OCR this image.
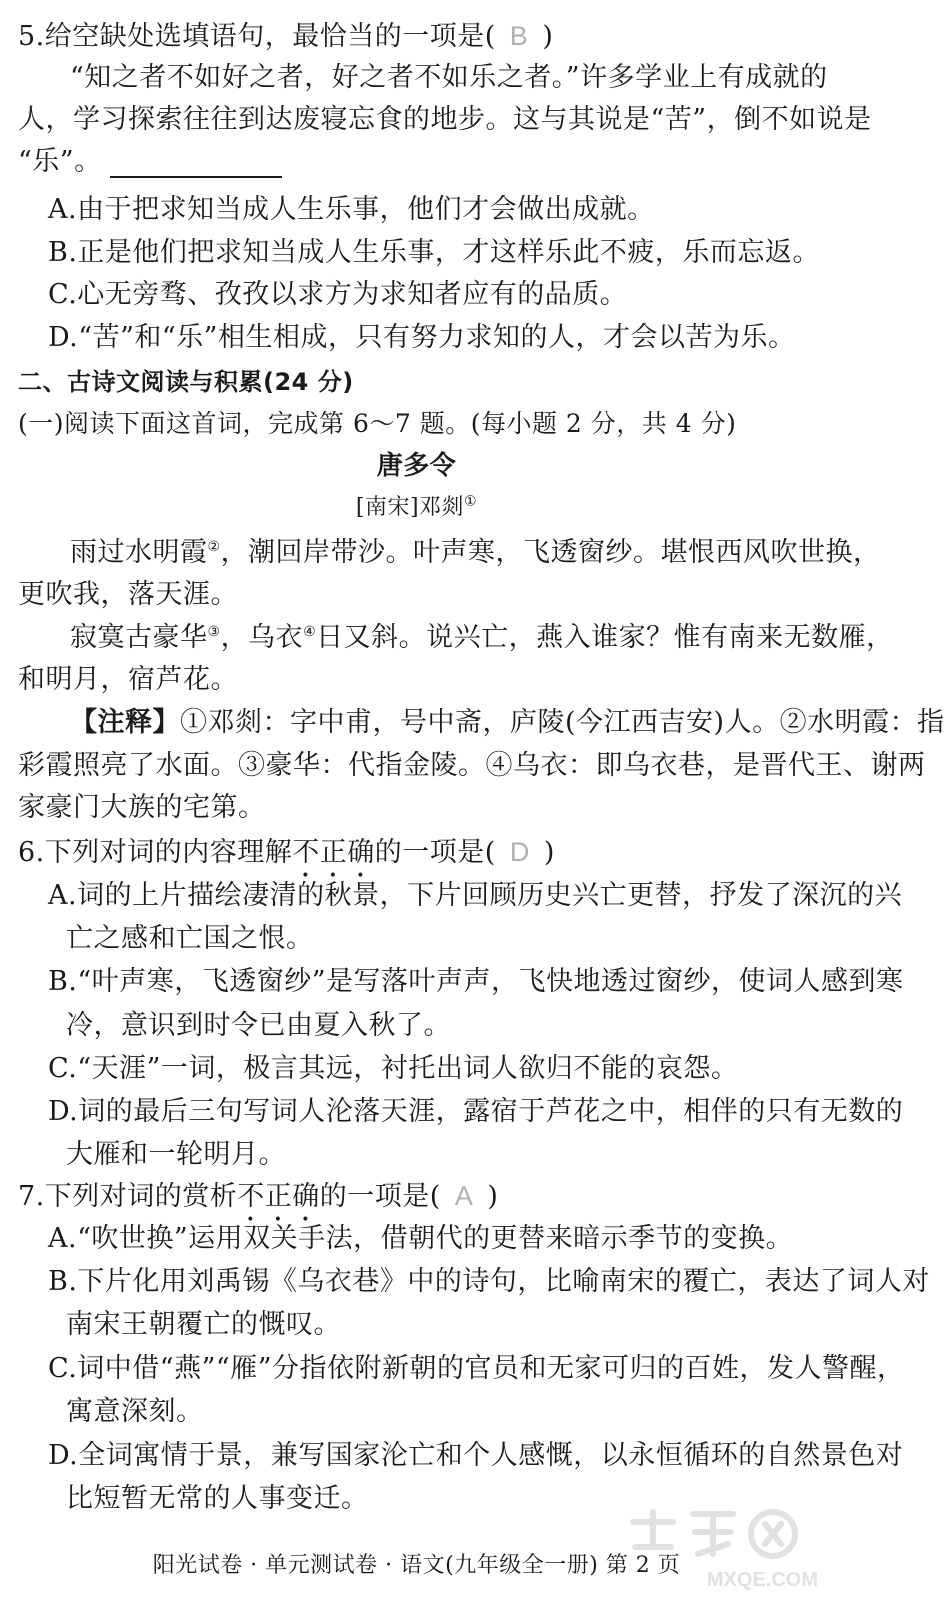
5.给空缺处选填语句，最恰当的一项是( B )
“知之者不如好之者，好之者不如乐之者。”许多学业上有成就的
人，学习探索往往到达废寝忘食的地步。这与其说是“苦”，倒不如说是
“乐”。
A.由于把求知当成人生乐事，他们才会做出成就。
B.正是他们把求知当成人生乐事，才这样乐此不疲，乐而忘返。
C.心无旁骛、孜孜以求方为求知者应有的品质。
D.“苦”和“乐”相生相成，只有努力求知的人，才会以苦为乐。
二、古诗文阅读与积累(24 分)
(一)阅读下面这首词，完成第 6～7 题。(每小题 2 分，共 4 分)
唐多令
[南宋]邓剡①
雨过水明霞②，潮回岸带沙。叶声寒，飞透窗纱。堪恨西风吹世换，
更吹我，落天涯。
寂寞古豪华③，乌衣④日又斜。说兴亡，燕入谁家？惟有南来无数雁，
和明月，宿芦花。
【注释】①邓剡：字中甫，号中斋，庐陵(今江西吉安)人。②水明霞：指
彩霞照亮了水面。③豪华：代指金陵。④乌衣：即乌衣巷，是晋代王、谢两
家豪门大族的宅第。
6.下列对词的内容理解不正确的一项是( D )
A.词的上片描绘凄清的秋景，下片回顾历史兴亡更替，抒发了深沉的兴
亡之感和亡国之恨。
B.“叶声寒，飞透窗纱”是写落叶声声，飞快地透过窗纱，使词人感到寒
冷，意识到时令已由夏入秋了。
C.“天涯”一词，极言其远，衬托出词人欲归不能的哀怨。
D.词的最后三句写词人沦落天涯，露宿于芦花之中，相伴的只有无数的
大雁和一轮明月。
7.下列对词的赏析不正确的一项是( A )
A.“吹世换”运用双关手法，借朝代的更替来暗示季节的变换。
B.下片化用刘禹锡《乌衣巷》中的诗句，比喻南宋的覆亡，表达了词人对
南宋王朝覆亡的慨叹。
C.词中借“燕”“雁”分指依附新朝的官员和无家可归的百姓，发人警醒，
寓意深刻。
D.全词寓情于景，兼写国家沦亡和个人感慨，以永恒循环的自然景色对
比短暂无常的人事变迁。
阳光试卷 · 单元测试卷 · 语文(九年级全一册) 第 2 页
MXQE.COM
